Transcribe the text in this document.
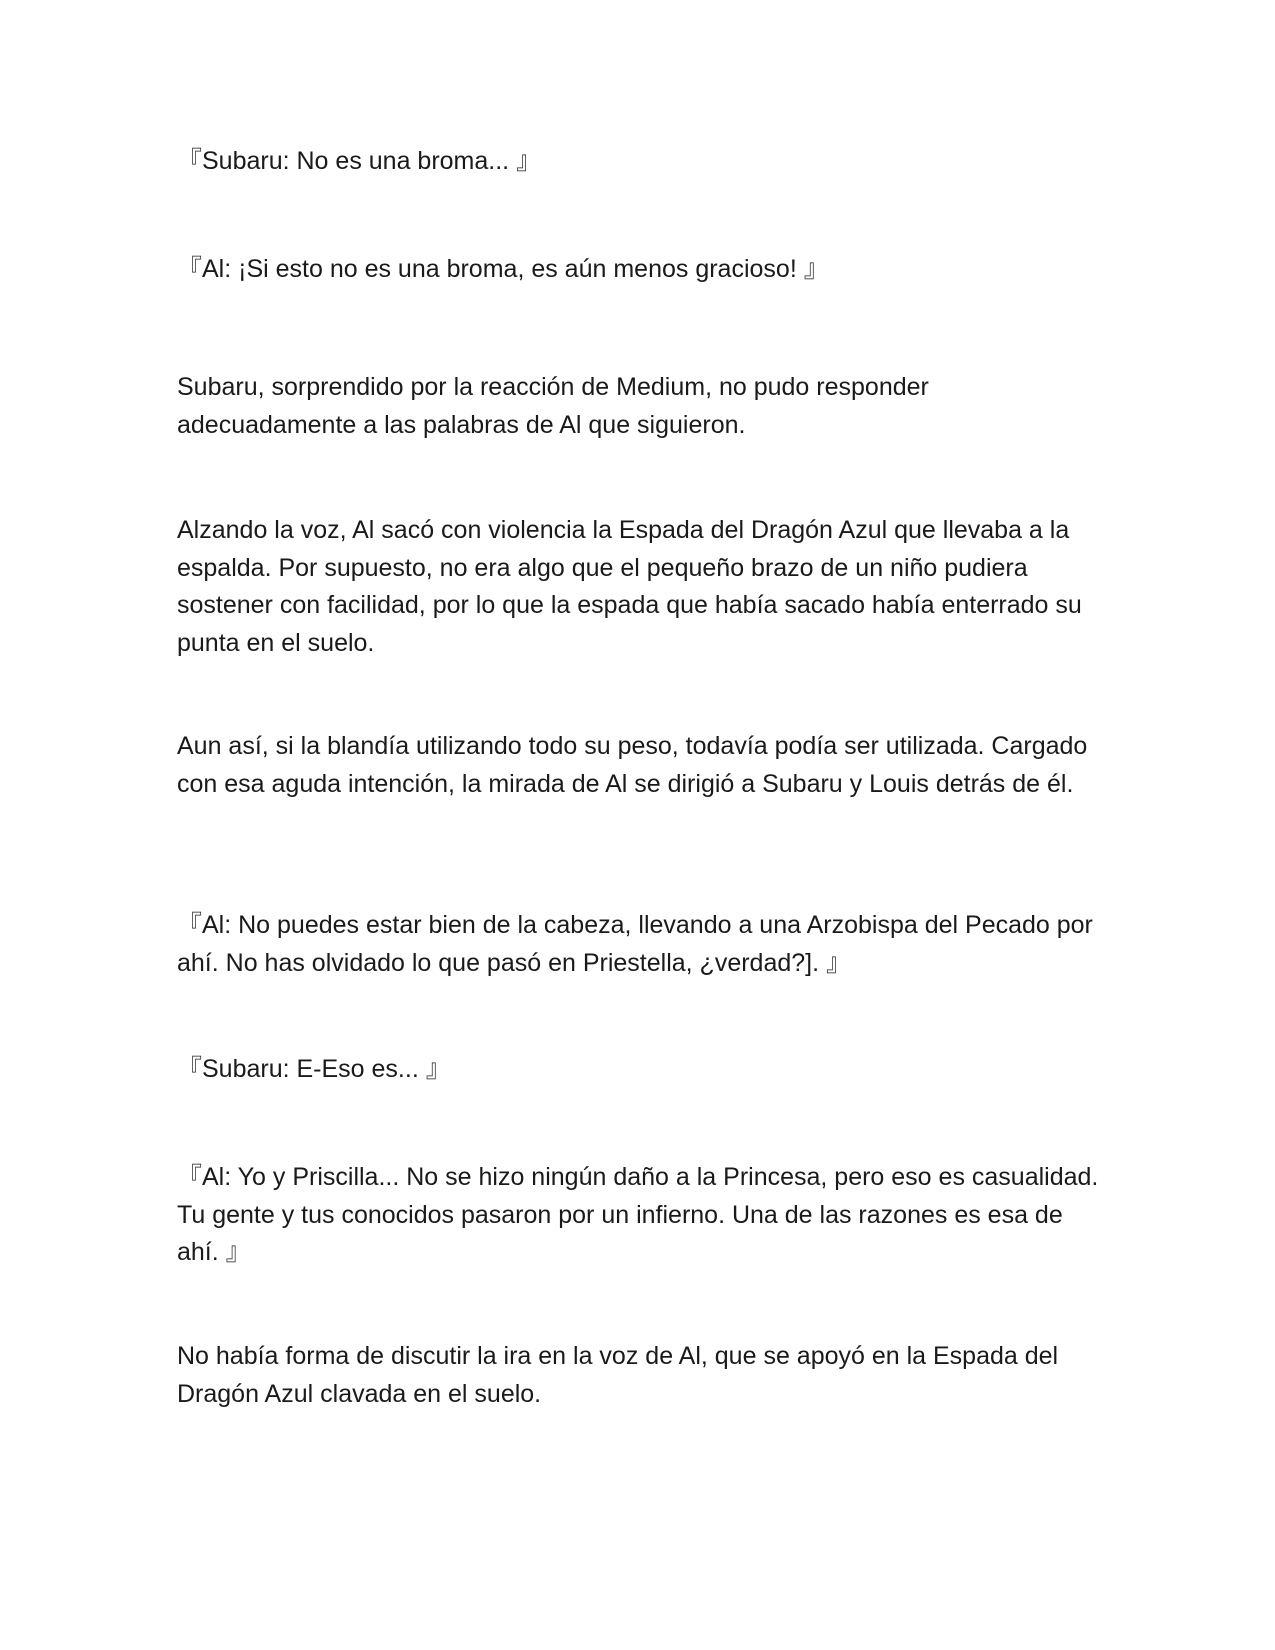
『Subaru: No es una broma... 』

『Al: ¡Si esto no es una broma, es aún menos gracioso! 』

Subaru, sorprendido por la reacción de Medium, no pudo responder adecuadamente a las palabras de Al que siguieron.

Alzando la voz, Al sacó con violencia la Espada del Dragón Azul que llevaba a la espalda. Por supuesto, no era algo que el pequeño brazo de un niño pudiera sostener con facilidad, por lo que la espada que había sacado había enterrado su punta en el suelo.

Aun así, si la blandía utilizando todo su peso, todavía podía ser utilizada. Cargado con esa aguda intención, la mirada de Al se dirigió a Subaru y Louis detrás de él.

『Al: No puedes estar bien de la cabeza, llevando a una Arzobispa del Pecado por ahí. No has olvidado lo que pasó en Priestella, ¿verdad?]. 』

『Subaru: E-Eso es... 』

『Al: Yo y Priscilla... No se hizo ningún daño a la Princesa, pero eso es casualidad. Tu gente y tus conocidos pasaron por un infierno. Una de las razones es esa de ahí. 』

No había forma de discutir la ira en la voz de Al, que se apoyó en la Espada del Dragón Azul clavada en el suelo.
